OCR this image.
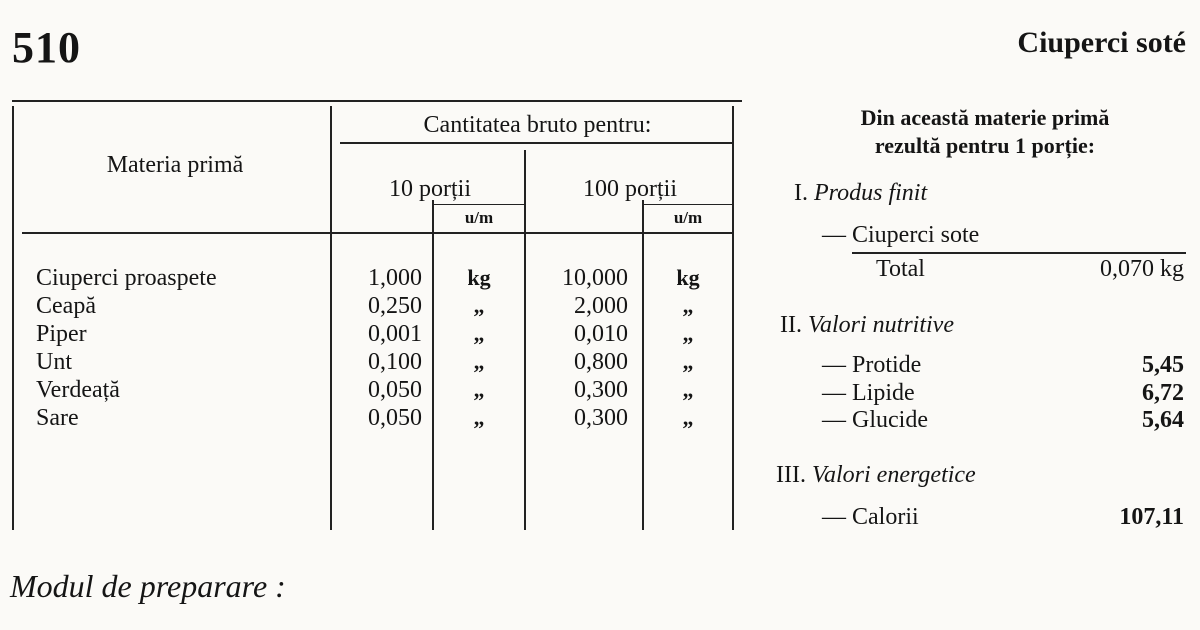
510	Ciuperci soté
Materia primă
Cantitatea bruto pentru:
10 porții	100 porții
u/m	u/m
Ciuperci proaspete	1,000	kg	10,000	kg
Ceapă	0,250	„	2,000	„
Piper	0,001	„	0,010	„
Unt	0,100	„	0,800	„
Verdeață	0,050	„	0,300	„
Sare	0,050	„	0,300	„
Din această materie primă
rezultă pentru 1 porție:
I. Produs finit
— Ciuperci sote
Total	0,070 kg
II. Valori nutritive
— Protide	5,45
— Lipide	6,72
— Glucide	5,64
III. Valori energetice
— Calorii	107,11
Modul de preparare :
